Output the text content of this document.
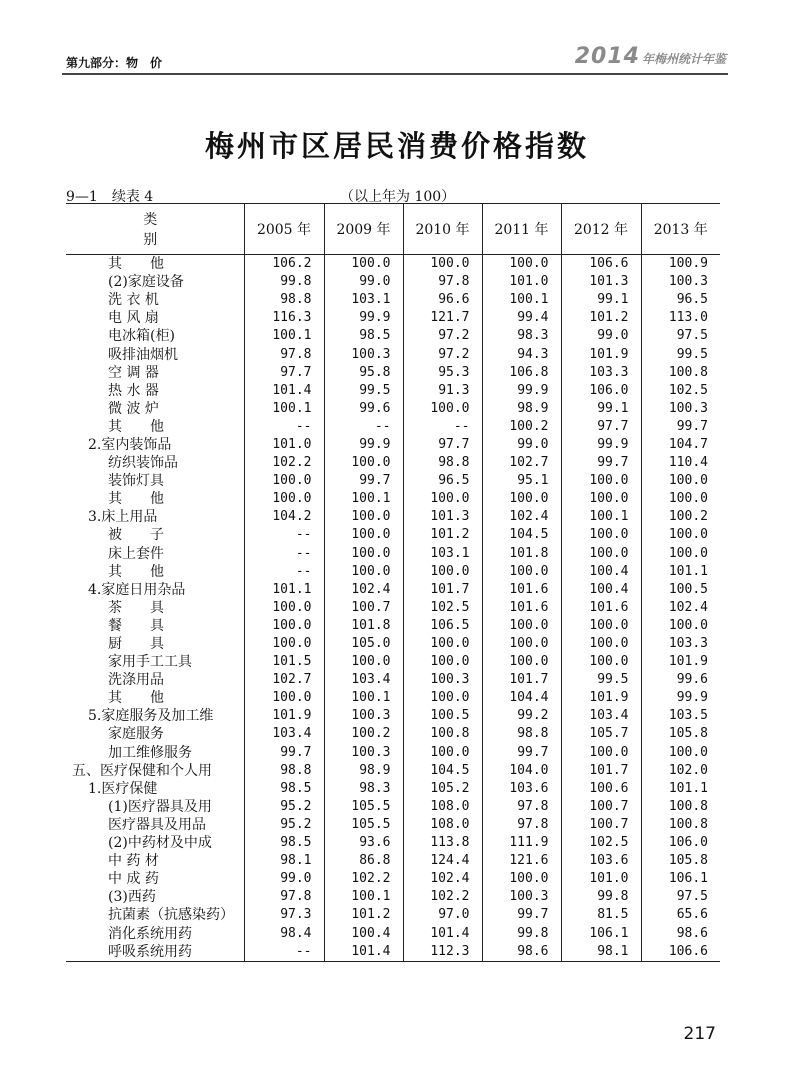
第九部分：物　价	2014 年梅州统计年鉴
梅州市区居民消费价格指数
9—1　续表 4	（以上年为 100）
类　　别	2005 年	2009 年	2010 年	2011 年	2012 年	2013 年
其　　他	106.2	100.0	100.0	100.0	106.6	100.9
(2)家庭设备	99.8	99.0	97.8	101.0	101.3	100.3
洗 衣 机	98.8	103.1	96.6	100.1	99.1	96.5
电 风 扇	116.3	99.9	121.7	99.4	101.2	113.0
电冰箱(柜)	100.1	98.5	97.2	98.3	99.0	97.5
吸排油烟机	97.8	100.3	97.2	94.3	101.9	99.5
空 调 器	97.7	95.8	95.3	106.8	103.3	100.8
热 水 器	101.4	99.5	91.3	99.9	106.0	102.5
微 波 炉	100.1	99.6	100.0	98.9	99.1	100.3
其　　他	--	--	--	100.2	97.7	99.7
2.室内装饰品	101.0	99.9	97.7	99.0	99.9	104.7
纺织装饰品	102.2	100.0	98.8	102.7	99.7	110.4
装饰灯具	100.0	99.7	96.5	95.1	100.0	100.0
其　　他	100.0	100.1	100.0	100.0	100.0	100.0
3.床上用品	104.2	100.0	101.3	102.4	100.1	100.2
被　　子	--	100.0	101.2	104.5	100.0	100.0
床上套件	--	100.0	103.1	101.8	100.0	100.0
其　　他	--	100.0	100.0	100.0	100.4	101.1
4.家庭日用杂品	101.1	102.4	101.7	101.6	100.4	100.5
茶　　具	100.0	100.7	102.5	101.6	101.6	102.4
餐　　具	100.0	101.8	106.5	100.0	100.0	100.0
厨　　具	100.0	105.0	100.0	100.0	100.0	103.3
家用手工工具	101.5	100.0	100.0	100.0	100.0	101.9
洗涤用品	102.7	103.4	100.3	101.7	99.5	99.6
其　　他	100.0	100.1	100.0	104.4	101.9	99.9
5.家庭服务及加工维	101.9	100.3	100.5	99.2	103.4	103.5
家庭服务	103.4	100.2	100.8	98.8	105.7	105.8
加工维修服务	99.7	100.3	100.0	99.7	100.0	100.0
五、医疗保健和个人用	98.8	98.9	104.5	104.0	101.7	102.0
1.医疗保健	98.5	98.3	105.2	103.6	100.6	101.1
(1)医疗器具及用	95.2	105.5	108.0	97.8	100.7	100.8
医疗器具及用品	95.2	105.5	108.0	97.8	100.7	100.8
(2)中药材及中成	98.5	93.6	113.8	111.9	102.5	106.0
中 药 材	98.1	86.8	124.4	121.6	103.6	105.8
中 成 药	99.0	102.2	102.4	100.0	101.0	106.1
(3)西药	97.8	100.1	102.2	100.3	99.8	97.5
抗菌素（抗感染药）	97.3	101.2	97.0	99.7	81.5	65.6
消化系统用药	98.4	100.4	101.4	99.8	106.1	98.6
呼吸系统用药	--	101.4	112.3	98.6	98.1	106.6
217
